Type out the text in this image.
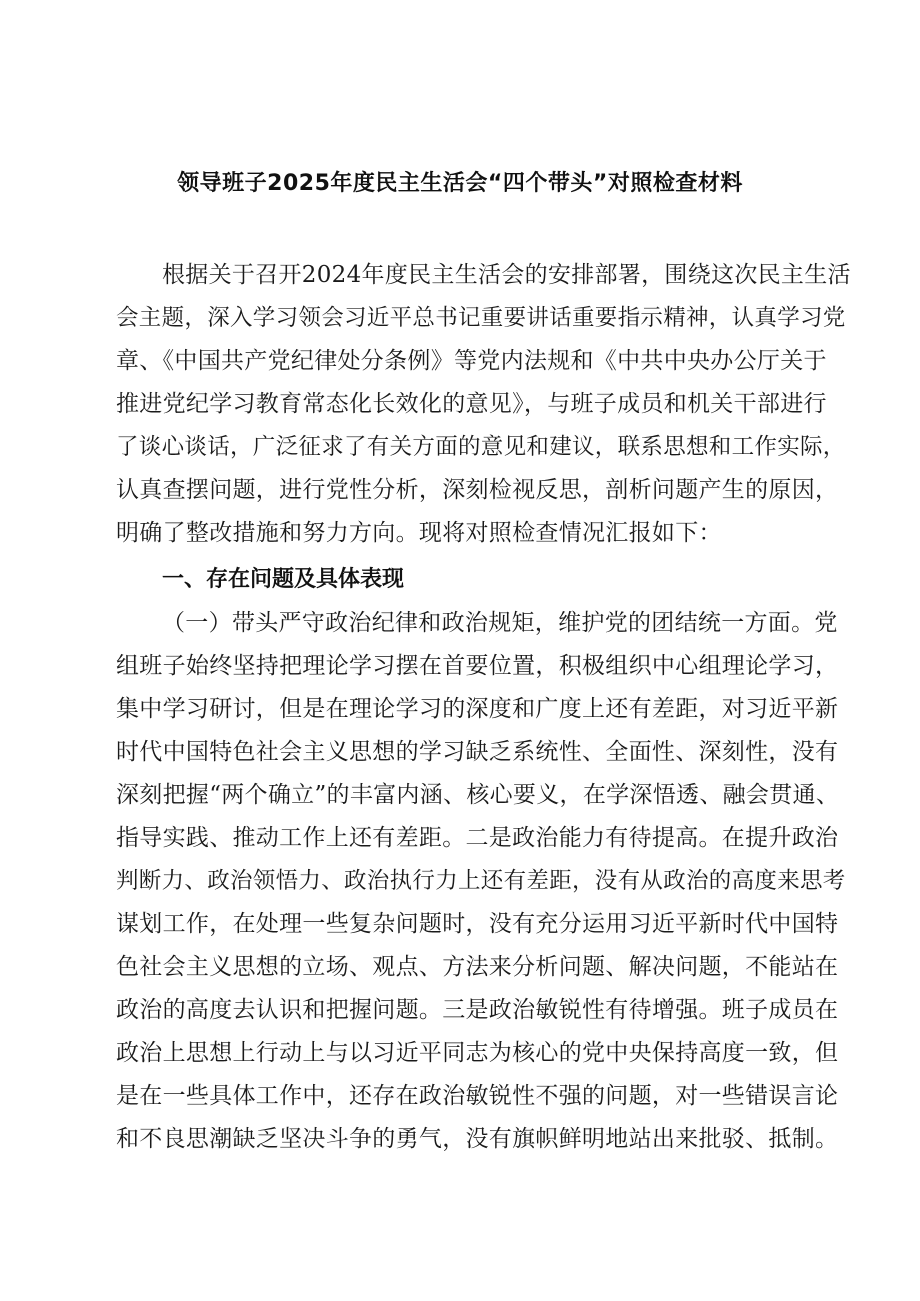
领导班子2025年度民主生活会“四个带头”对照检查材料
根据关于召开2024年度民主生活会的安排部署，围绕这次民主生活
会主题，深入学习领会习近平总书记重要讲话重要指示精神，认真学习党
章、《中国共产党纪律处分条例》等党内法规和《中共中央办公厅关于
推进党纪学习教育常态化长效化的意见》，与班子成员和机关干部进行
了谈心谈话，广泛征求了有关方面的意见和建议，联系思想和工作实际，
认真查摆问题，进行党性分析，深刻检视反思，剖析问题产生的原因，
明确了整改措施和努力方向。现将对照检查情况汇报如下：
一、存在问题及具体表现
（一）带头严守政治纪律和政治规矩，维护党的团结统一方面。党
组班子始终坚持把理论学习摆在首要位置，积极组织中心组理论学习，
集中学习研讨，但是在理论学习的深度和广度上还有差距，对习近平新
时代中国特色社会主义思想的学习缺乏系统性、全面性、深刻性，没有
深刻把握“两个确立”的丰富内涵、核心要义，在学深悟透、融会贯通、
指导实践、推动工作上还有差距。二是政治能力有待提高。在提升政治
判断力、政治领悟力、政治执行力上还有差距，没有从政治的高度来思考
谋划工作，在处理一些复杂问题时，没有充分运用习近平新时代中国特
色社会主义思想的立场、观点、方法来分析问题、解决问题，不能站在
政治的高度去认识和把握问题。三是政治敏锐性有待增强。班子成员在
政治上思想上行动上与以习近平同志为核心的党中央保持高度一致，但
是在一些具体工作中，还存在政治敏锐性不强的问题，对一些错误言论
和不良思潮缺乏坚决斗争的勇气，没有旗帜鲜明地站出来批驳、抵制。
